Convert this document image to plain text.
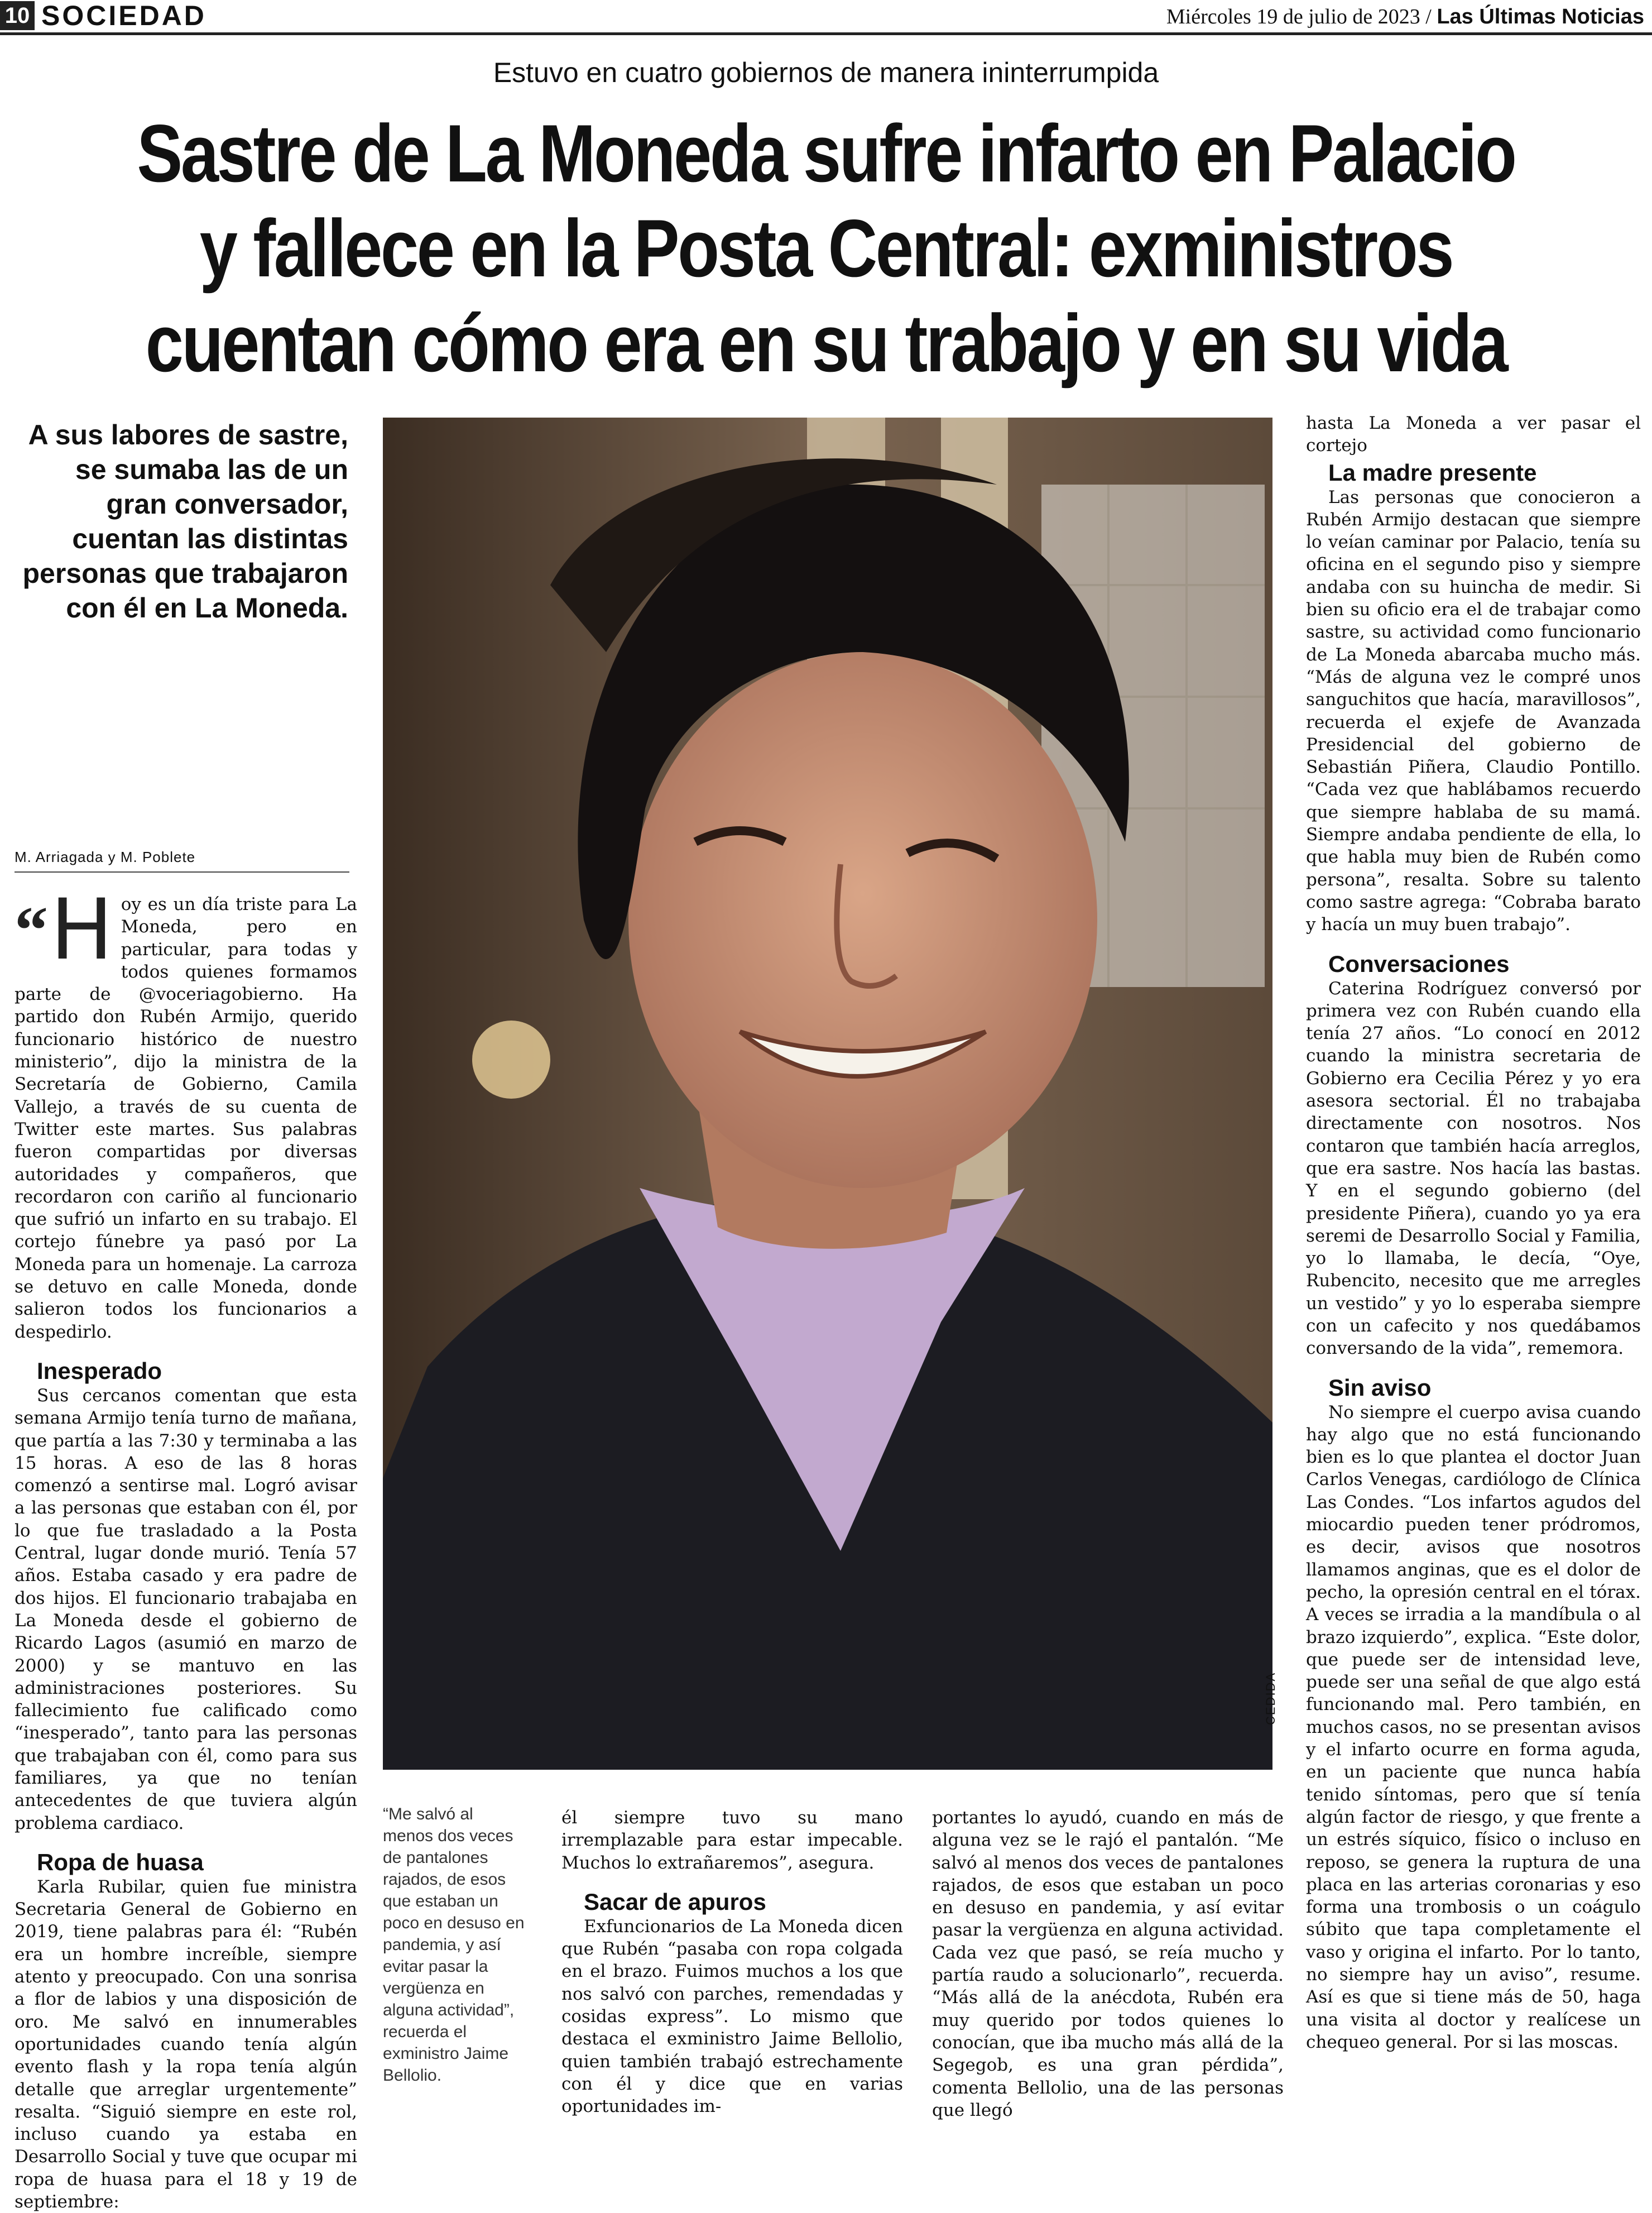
10 SOCIEDAD	Miércoles 19 de julio de 2023 / Las Últimas Noticias
Estuvo en cuatro gobiernos de manera ininterrumpida
Sastre de La Moneda sufre infarto en Palacio
y fallece en la Posta Central: exministros
cuentan cómo era en su trabajo y en su vida
A sus labores de sastre, se sumaba las de un gran conversador, cuentan las distintas personas que trabajaron con él en La Moneda.
M. Arriagada y M. Poblete

“H oy es un día triste para La Moneda, pero en particular, para todas y todos quienes formamos parte de @voceriagobierno. Ha partido don Rubén Armijo, querido funcionario histórico de nuestro ministerio”, dijo la ministra de la Secretaría de Gobierno, Camila Vallejo, a través de su cuenta de Twitter este martes. Sus palabras fueron compartidas por diversas autoridades y compañeros, que recordaron con cariño al funcionario que sufrió un infarto en su trabajo. El cortejo fúnebre ya pasó por La Moneda para un homenaje. La carroza se detuvo en calle Moneda, donde salieron todos los funcionarios a despedirlo.

Inesperado

Sus cercanos comentan que esta semana Armijo tenía turno de mañana, que partía a las 7:30 y terminaba a las 15 horas. A eso de las 8 horas comenzó a sentirse mal. Logró avisar a las personas que estaban con él, por lo que fue trasladado a la Posta Central, lugar donde murió. Tenía 57 años. Estaba casado y era padre de dos hijos. El funcionario trabajaba en La Moneda desde el gobierno de Ricardo Lagos (asumió en marzo de 2000) y se mantuvo en las administraciones posteriores. Su fallecimiento fue calificado como “inesperado”, tanto para las personas que trabajaban con él, como para sus familiares, ya que no tenían antecedentes de que tuviera algún problema cardiaco.

Ropa de huasa

Karla Rubilar, quien fue ministra Secretaria General de Gobierno en 2019, tiene palabras para él: “Rubén era un hombre increíble, siempre atento y preocupado. Con una sonrisa a flor de labios y una disposición de oro. Me salvó en innumerables oportunidades cuando tenía algún evento flash y la ropa tenía algún detalle que arreglar urgentemente” resalta. “Siguió siempre en este rol, incluso cuando ya estaba en Desarrollo Social y tuve que ocupar mi ropa de huasa para el 18 y 19 de septiembre:

CEDIDA
“Me salvó al menos dos veces de pantalones rajados, de esos que estaban un poco en desuso en pandemia, y así evitar pasar la vergüenza en alguna actividad”, recuerda el exministro Jaime Bellolio.

él siempre tuvo su mano irremplazable para estar impecable. Muchos lo extrañaremos”, asegura.

Sacar de apuros

Exfuncionarios de La Moneda dicen que Rubén “pasaba con ropa colgada en el brazo. Fuimos muchos a los que nos salvó con parches, remendadas y cosidas express”. Lo mismo que destaca el exministro Jaime Bellolio, quien también trabajó estrechamente con él y dice que en varias oportunidades im-

portantes lo ayudó, cuando en más de alguna vez se le rajó el pantalón. “Me salvó al menos dos veces de pantalones rajados, de esos que estaban un poco en desuso en pandemia, y así evitar pasar la vergüenza en alguna actividad. Cada vez que pasó, se reía mucho y partía raudo a solucionarlo”, recuerda. “Más allá de la anécdota, Rubén era muy querido por todos quienes lo conocían, que iba mucho más allá de la Segegob, es una gran pérdida”, comenta Bellolio, una de las personas que llegó

hasta La Moneda a ver pasar el cortejo

La madre presente

Las personas que conocieron a Rubén Armijo destacan que siempre lo veían caminar por Palacio, tenía su oficina en el segundo piso y siempre andaba con su huincha de medir. Si bien su oficio era el de trabajar como sastre, su actividad como funcionario de La Moneda abarcaba mucho más. “Más de alguna vez le compré unos sanguchitos que hacía, maravillosos”, recuerda el exjefe de Avanzada Presidencial del gobierno de Sebastián Piñera, Claudio Pontillo. “Cada vez que hablábamos recuerdo que siempre hablaba de su mamá. Siempre andaba pendiente de ella, lo que habla muy bien de Rubén como persona”, resalta. Sobre su talento como sastre agrega: “Cobraba barato y hacía un muy buen trabajo”.

Conversaciones

Caterina Rodríguez conversó por primera vez con Rubén cuando ella tenía 27 años. “Lo conocí en 2012 cuando la ministra secretaria de Gobierno era Cecilia Pérez y yo era asesora sectorial. Él no trabajaba directamente con nosotros. Nos contaron que también hacía arreglos, que era sastre. Nos hacía las bastas. Y en el segundo gobierno (del presidente Piñera), cuando yo ya era seremi de Desarrollo Social y Familia, yo lo llamaba, le decía, “Oye, Rubencito, necesito que me arregles un vestido” y yo lo esperaba siempre con un cafecito y nos quedábamos conversando de la vida”, rememora.

Sin aviso

No siempre el cuerpo avisa cuando hay algo que no está funcionando bien es lo que plantea el doctor Juan Carlos Venegas, cardiólogo de Clínica Las Condes. “Los infartos agudos del miocardio pueden tener pródromos, es decir, avisos que nosotros llamamos anginas, que es el dolor de pecho, la opresión central en el tórax. A veces se irradia a la mandíbula o al brazo izquierdo”, explica. “Este dolor, que puede ser de intensidad leve, puede ser una señal de que algo está funcionando mal. Pero también, en muchos casos, no se presentan avisos y el infarto ocurre en forma aguda, en un paciente que nunca había tenido síntomas, pero que sí tenía algún factor de riesgo, y que frente a un estrés síquico, físico o incluso en reposo, se genera la ruptura de una placa en las arterias coronarias y eso forma una trombosis o un coágulo súbito que tapa completamente el vaso y origina el infarto. Por lo tanto, no siempre hay un aviso”, resume. Así es que si tiene más de 50, haga una visita al doctor y realícese un chequeo general. Por si las moscas.
